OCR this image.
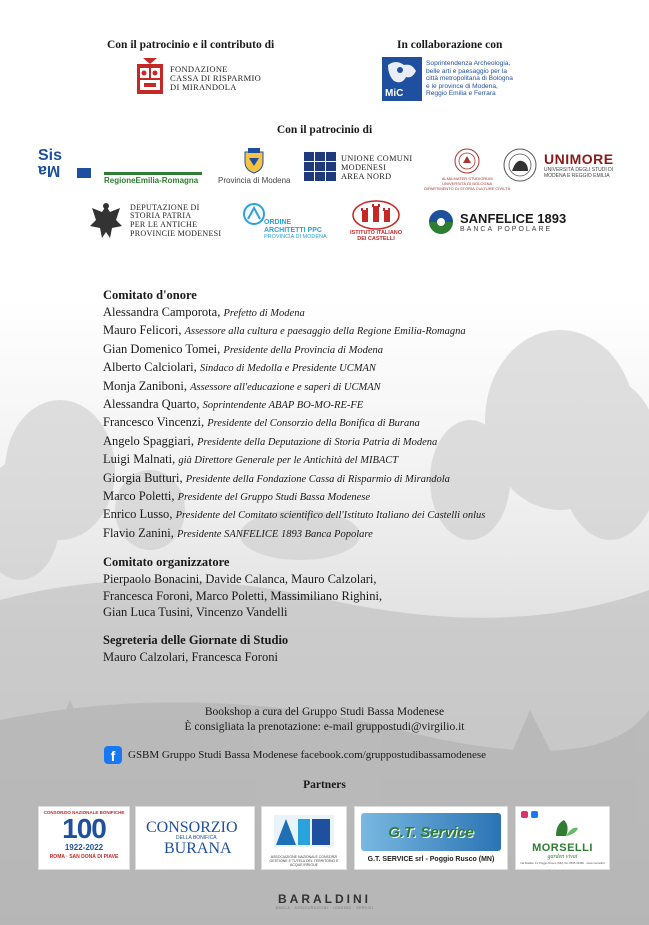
Con il patrocinio e il contributo di	In collaborazione con
FONDAZIONE
CASSA DI RISPARMIO
DI MIRANDOLA
MiC
Soprintendenza Archeologia,
belle arti e paesaggio per la
città metropolitana di Bologna
e le province di Modena,
Reggio Emilia e Ferrara
Con il patrocinio di
Sis
Ma
RegioneEmilia-Romagna Provincia di Modena
UNIONE COMUNI
MODENESI
AREA NORD	ALMA MATER STUDIORUM
UNIVERSITÀ DI BOLOGNA
DIPARTIMENTO DI STORIA CULTURE CIVILTÀ
UNIMORE
UNIVERSITÀ DEGLI STUDI DI
MODENA E REGGIO EMILIA
DEPUTAZIONE DI
STORIA PATRIA
PER LE ANTICHE
PROVINCIE MODENESI
ORDINE
ARCHITETTI PPC
PROVINCIA DI MODENA
ISTITUTO ITALIANO
DEI CASTELLI
SANFELICE 1893
BANCA POPOLARE
Comitato d'onore
Alessandra Camporota, Prefetto di Modena
Mauro Felicori, Assessore alla cultura e paesaggio della Regione Emilia-Romagna
Gian Domenico Tomei, Presidente della Provincia di Modena
Alberto Calciolari, Sindaco di Medolla e Presidente UCMAN
Monja Zaniboni, Assessore all'educazione e saperi di UCMAN
Alessandra Quarto, Soprintendente ABAP BO-MO-RE-FE
Francesco Vincenzi, Presidente del Consorzio della Bonifica di Burana
Angelo Spaggiari, Presidente della Deputazione di Storia Patria di Modena
Luigi Malnati, già Direttore Generale per le Antichità del MIBACT
Giorgia Butturi, Presidente della Fondazione Cassa di Risparmio di Mirandola
Marco Poletti, Presidente del Gruppo Studi Bassa Modenese
Enrico Lusso, Presidente del Comitato scientifico dell'Istituto Italiano dei Castelli onlus
Flavio Zanini, Presidente SANFELICE 1893 Banca Popolare
Comitato organizzatore
Pierpaolo Bonacini, Davide Calanca, Mauro Calzolari,
Francesca Foroni, Marco Poletti, Massimiliano Righini,
Gian Luca Tusini, Vincenzo Vandelli
Segreteria delle Giornate di Studio
Mauro Calzolari, Francesca Foroni
Bookshop a cura del Gruppo Studi Bassa Modenese
È consigliata la prenotazione: e-mail gruppostudi@virgilio.it
f	GSBM Gruppo Studi Bassa Modenese facebook.com/gruppostudibassamodenese
Partners
CONSORZIO NAZIONALE BONIFICHE
100
1922-2022
ROMA · SAN DONÀ DI PIAVE
CONSORZIO
DELLA BONIFICA
BURANA	ASSOCIAZIONE NAZIONALE CONSORZI GESTIONE E TUTELA DEL TERRITORIO E ACQUE IRRIGUE
G.T. Service
G.T. SERVICE srl - Poggio Rusco (MN)
MORSELLI
garden vivai
Via Statale, 12 Poggio Rusco (MN) Tel. 0535 33466 · www.morselli.it
BARALDINI
BANCA · ASSICURAZIONI · LEASING · SERVIZI
